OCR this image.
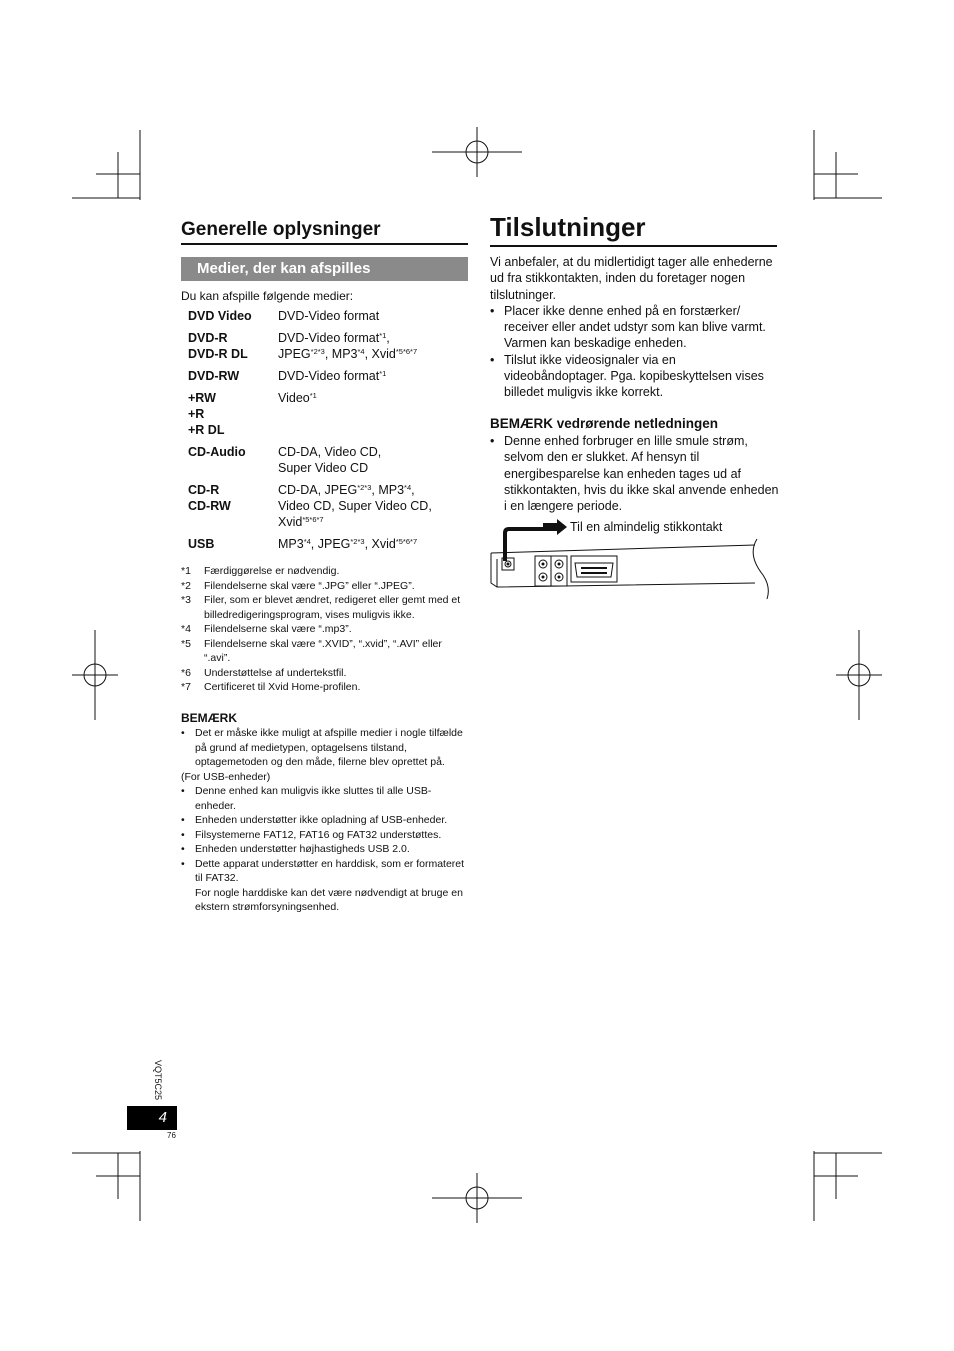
Generelle oplysninger
Medier, der kan afspilles
Du kan afspille følgende medier:
DVD Video	DVD-Video format

DVD-R
DVD-R DL	DVD-Video format$^{*1}$,
$JPEG^{*2*3}$, MP3$^{*4}$, Xvid$^{*5*6*7}$

DVD-RW	DVD-Video format$^{*1}$

+RW
+R
+R DL	Video$^{*1}$

CD-Audio	CD-DA, Video CD,
Super Video CD

CD-R
CD-RW	CD-DA, $JPEG^{*2*3}$, MP3$^{*4}$,
Video CD, Super Video CD,
Xvid$^{*5*6*7}$

USB	MP3$^{*4}$, $JPEG^{*2*3}$, Xvid$^{*5*6*7}$
*1	Færdiggørelse er nødvendig.
*2	Filendelserne skal være “.JPG” eller “.JPEG”.
*3	Filer, som er blevet ændret, redigeret eller gemt med et billedredigeringsprogram, vises muligvis ikke.
*4	Filendelserne skal være “.mp3”.
*5	Filendelserne skal være “.XVID”, “.xvid”, “.AVI” eller “.avi”.
*6	Understøttelse af undertekstfil.
*7	Certificeret til Xvid Home-profilen.
BEMÆRK
• Det er måske ikke muligt at afspille medier i nogle tilfælde på grund af medietypen, optagelsens tilstand, optagemetoden og den måde, filerne blev oprettet på.
(For USB-enheder)
• Denne enhed kan muligvis ikke sluttes til alle USB-enheder.
• Enheden understøtter ikke opladning af USB-enheder.
• Filsystemerne FAT12, FAT16 og FAT32 understøttes.
• Enheden understøtter højhastigheds USB 2.0.
• Dette apparat understøtter en harddisk, som er formateret til FAT32.
For nogle harddiske kan det være nødvendigt at bruge en ekstern strømforsyningsenhed.
Tilslutninger
Vi anbefaler, at du midlertidigt tager alle enhederne ud fra stikkontakten, inden du foretager nogen tilslutninger.
• Placer ikke denne enhed på en forstærker/ receiver eller andet udstyr som kan blive varmt. Varmen kan beskadige enheden.
• Tilslut ikke videosignaler via en videobåndoptager. Pga. kopibeskyttelsen vises billedet muligvis ikke korrekt.
BEMÆRK vedrørende netledningen
• Denne enhed forbruger en lille smule strøm, selvom den er slukket. Af hensyn til energibesparelse kan enheden tages ud af stikkontakten, hvis du ikke skal anvende enheden i en længere periode.
Til en almindelig stikkontakt
VQT5C25
4
76
